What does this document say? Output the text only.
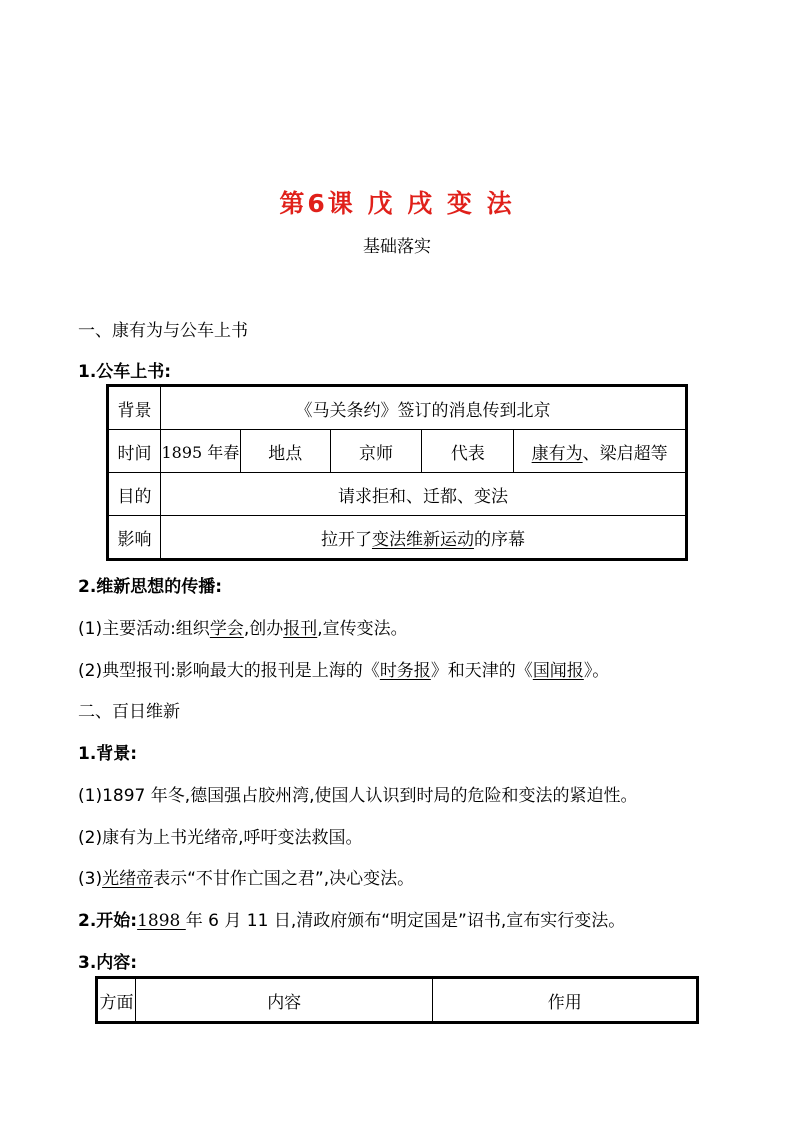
第6课 戊 戌 变 法
基础落实
一、康有为与公车上书
1.公车上书:
背景	《马关条约》签订的消息传到北京				
时间	1895 年春	地点	京师	代表	康有为、梁启超等
目的	请求拒和、迁都、变法				
影响	拉开了变法维新运动的序幕				
2.维新思想的传播:
(1)主要活动:组织学会,创办报刊,宣传变法。
(2)典型报刊:影响最大的报刊是上海的《时务报》和天津的《国闻报》。
二、百日维新
1.背景:
(1)1897 年冬,德国强占胶州湾,使国人认识到时局的危险和变法的紧迫性。
(2)康有为上书光绪帝,呼吁变法救国。
(3)光绪帝表示“不甘作亡国之君”,决心变法。
2.开始:1898 年 6 月 11 日,清政府颁布“明定国是”诏书,宣布实行变法。
3.内容:
方面	内容	作用
